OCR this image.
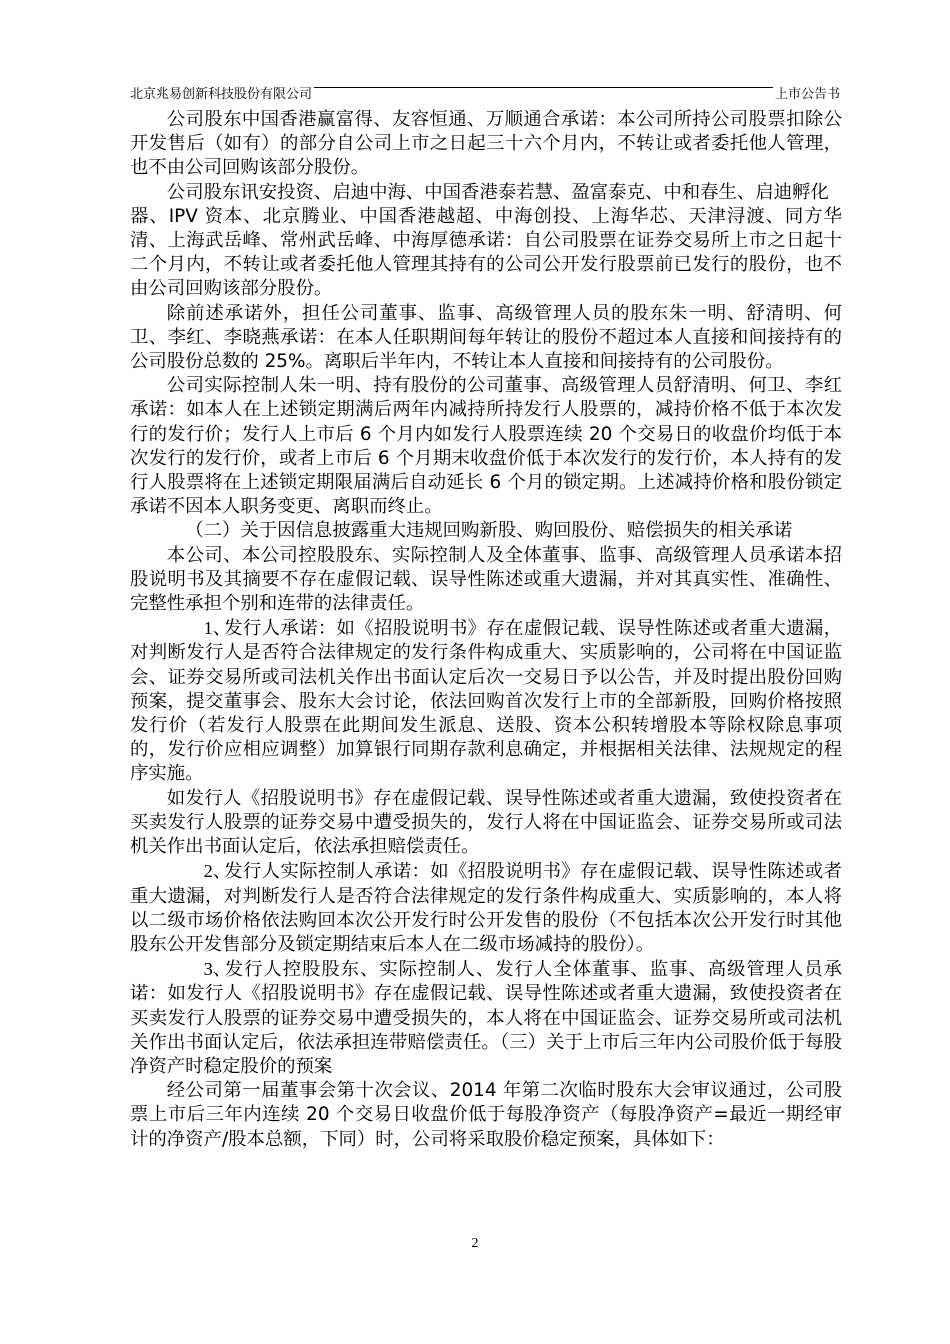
北京兆易创新科技股份有限公司	上市公告书

公司股东中国香港赢富得、友容恒通、万顺通合承诺：本公司所持公司股票扣除公开发售后（如有）的部分自公司上市之日起三十六个月内，不转让或者委托他人管理，也不由公司回购该部分股份。

公司股东讯安投资、启迪中海、中国香港泰若慧、盈富泰克、中和春生、启迪孵化

器、IPV 资本、北京腾业、中国香港越超、中海创投、上海华芯、天津浔渡、同方华清、上海武岳峰、常州武岳峰、中海厚德承诺：自公司股票在证券交易所上市之日起十二个月内，不转让或者委托他人管理其持有的公司公开发行股票前已发行的股份，也不由公司回购该部分股份。

除前述承诺外，担任公司董事、监事、高级管理人员的股东朱一明、舒清明、何卫、李红、李晓燕承诺：在本人任职期间每年转让的股份不超过本人直接和间接持有的公司股份总数的 25%。离职后半年内，不转让本人直接和间接持有的公司股份。

公司实际控制人朱一明、持有股份的公司董事、高级管理人员舒清明、何卫、李红承诺：如本人在上述锁定期满后两年内减持所持发行人股票的，减持价格不低于本次发行的发行价；发行人上市后 6 个月内如发行人股票连续 20 个交易日的收盘价均低于本次发行的发行价，或者上市后 6 个月期末收盘价低于本次发行的发行价，本人持有的发行人股票将在上述锁定期限届满后自动延长 6 个月的锁定期。上述减持价格和股份锁定承诺不因本人职务变更、离职而终止。

（二）关于因信息披露重大违规回购新股、购回股份、赔偿损失的相关承诺

本公司、本公司控股股东、实际控制人及全体董事、监事、高级管理人员承诺本招股说明书及其摘要不存在虚假记载、误导性陈述或重大遗漏，并对其真实性、准确性、完整性承担个别和连带的法律责任。

1、发行人承诺：如《招股说明书》存在虚假记载、误导性陈述或者重大遗漏，对判断发行人是否符合法律规定的发行条件构成重大、实质影响的，公司将在中国证监会、证券交易所或司法机关作出书面认定后次一交易日予以公告，并及时提出股份回购预案，提交董事会、股东大会讨论，依法回购首次发行上市的全部新股，回购价格按照发行价（若发行人股票在此期间发生派息、送股、资本公积转增股本等除权除息事项的，发行价应相应调整）加算银行同期存款利息确定，并根据相关法律、法规规定的程序实施。

如发行人《招股说明书》存在虚假记载、误导性陈述或者重大遗漏，致使投资者在买卖发行人股票的证券交易中遭受损失的，发行人将在中国证监会、证券交易所或司法机关作出书面认定后，依法承担赔偿责任。

2、发行人实际控制人承诺：如《招股说明书》存在虚假记载、误导性陈述或者重大遗漏，对判断发行人是否符合法律规定的发行条件构成重大、实质影响的，本人将以二级市场价格依法购回本次公开发行时公开发售的股份（不包括本次公开发行时其他股东公开发售部分及锁定期结束后本人在二级市场减持的股份）。

3、发行人控股股东、实际控制人、发行人全体董事、监事、高级管理人员承诺：如发行人《招股说明书》存在虚假记载、误导性陈述或者重大遗漏，致使投资者在买卖发行人股票的证券交易中遭受损失的，本人将在中国证监会、证券交易所或司法机关作出书面认定后，依法承担连带赔偿责任。（三）关于上市后三年内公司股价低于每股净资产时稳定股价的预案

经公司第一届董事会第十次会议、2014 年第二次临时股东大会审议通过，公司股票上市后三年内连续 20 个交易日收盘价低于每股净资产（每股净资产=最近一期经审计的净资产/股本总额，下同）时，公司将采取股价稳定预案，具体如下：

2
